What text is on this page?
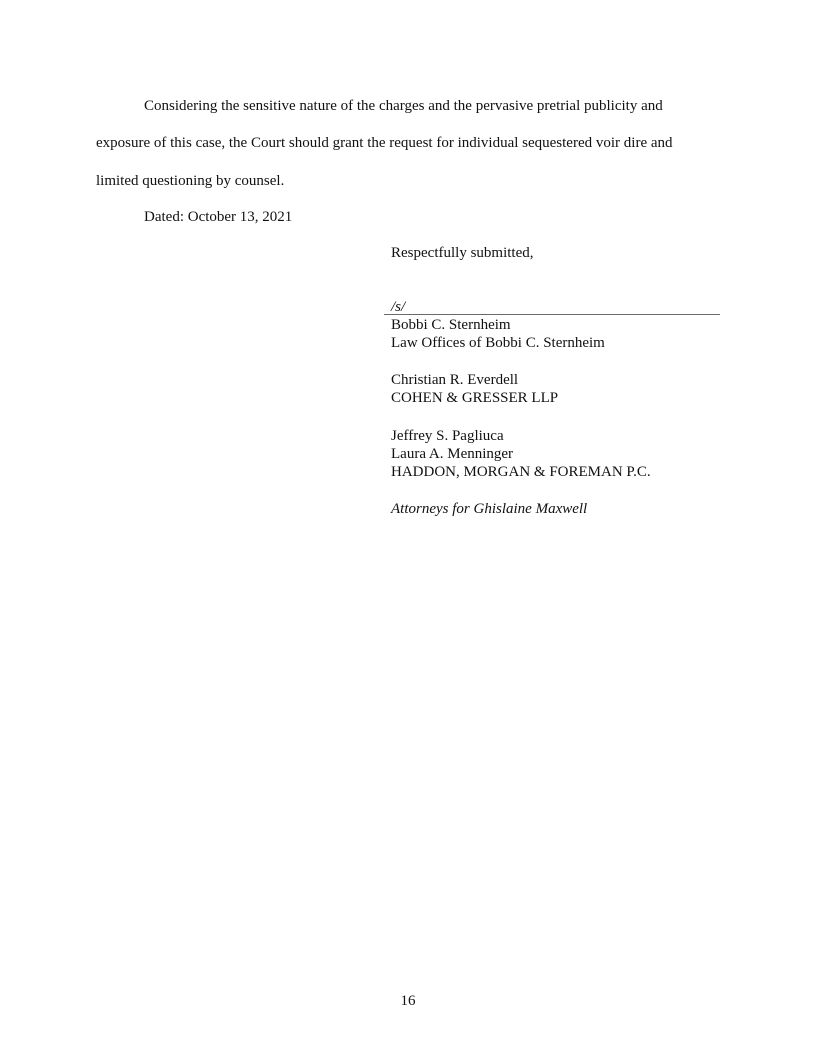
Considering the sensitive nature of the charges and the pervasive pretrial publicity and
exposure of this case, the Court should grant the request for individual sequestered voir dire and
limited questioning by counsel.
Dated: October 13, 2021
Respectfully submitted,
/s/
Bobbi C. Sternheim
Law Offices of Bobbi C. Sternheim
Christian R. Everdell
COHEN & GRESSER LLP
Jeffrey S. Pagliuca
Laura A. Menninger
HADDON, MORGAN & FOREMAN P.C.
Attorneys for Ghislaine Maxwell
16
